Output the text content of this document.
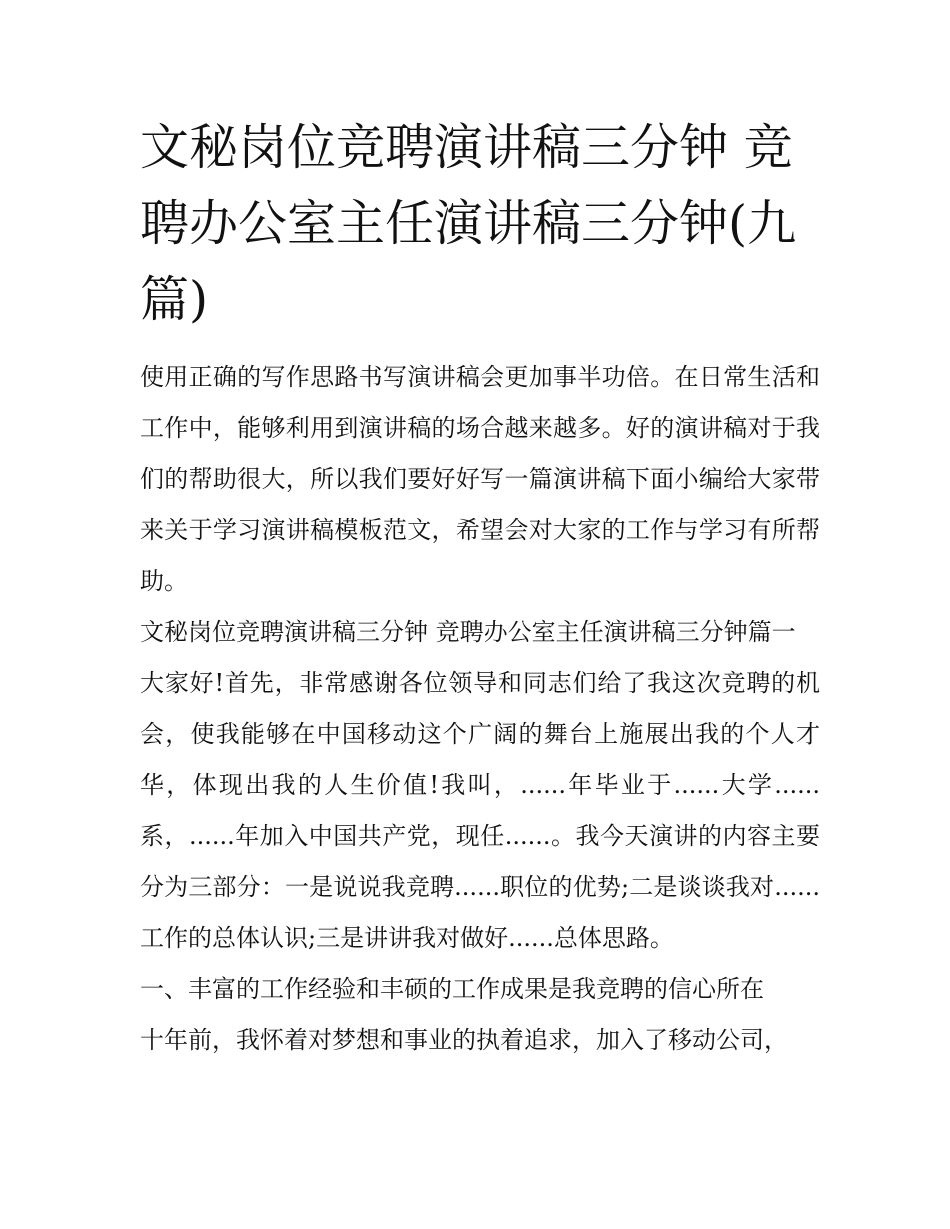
文秘岗位竞聘演讲稿三分钟 竞聘办公室主任演讲稿三分钟(九篇)

使用正确的写作思路书写演讲稿会更加事半功倍。在日常生活和工作中，能够利用到演讲稿的场合越来越多。好的演讲稿对于我们的帮助很大，所以我们要好好写一篇演讲稿下面小编给大家带来关于学习演讲稿模板范文，希望会对大家的工作与学习有所帮助。

文秘岗位竞聘演讲稿三分钟 竞聘办公室主任演讲稿三分钟篇一

大家好!首先，非常感谢各位领导和同志们给了我这次竞聘的机会，使我能够在中国移动这个广阔的舞台上施展出我的个人才华，体现出我的人生价值!我叫，......年毕业于......大学......系，......年加入中国共产党，现任......。我今天演讲的内容主要分为三部分：一是说说我竞聘......职位的优势;二是谈谈我对......工作的总体认识;三是讲讲我对做好......总体思路。

一、丰富的工作经验和丰硕的工作成果是我竞聘的信心所在

十年前，我怀着对梦想和事业的执着追求，加入了移动公司，
